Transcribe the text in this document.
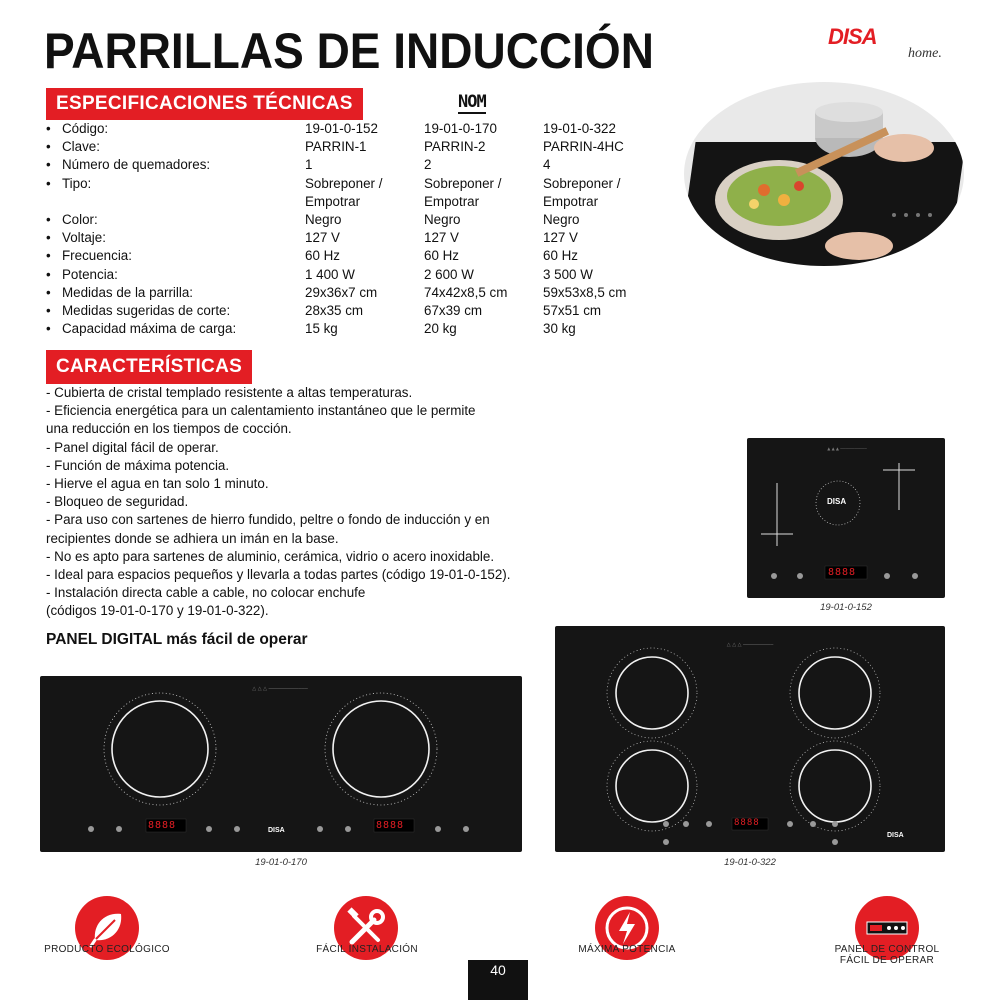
PARRILLAS DE INDUCCIÓN	DISA
home.
ESPECIFICACIONES TÉCNICAS	NOM
•	Código:	19-01-0-152	19-01-0-170	19-01-0-322
•	Clave:	PARRIN-1	PARRIN-2	PARRIN-4HC
•	Número de quemadores:	1	2	4
•	Tipo:	Sobreponer /	Sobreponer /	Sobreponer /
		Empotrar	Empotrar	Empotrar
•	Color:	Negro	Negro	Negro
•	Voltaje:	127 V	127 V	127 V
•	Frecuencia:	60 Hz	60 Hz	60 Hz
•	Potencia:	1 400 W	2 600 W	3 500 W
•	Medidas de la parrilla:	29x36x7 cm	74x42x8,5 cm	59x53x8,5 cm
•	Medidas sugeridas de corte:	28x35 cm	67x39 cm	57x51 cm
•	Capacidad máxima de carga:	15 kg	20 kg	30 kg
CARACTERÍSTICAS
- Cubierta de cristal templado resistente a altas temperaturas.
- Eficiencia energética para un calentamiento instantáneo que le permite
una reducción en los tiempos de cocción.
- Panel digital fácil de operar.
- Función de máxima potencia.
- Hierve el agua en tan solo 1 minuto.
- Bloqueo de seguridad.
- Para uso con sartenes de hierro fundido, peltre o fondo de inducción y en
recipientes donde se adhiera un imán en la base.
- No es apto para sartenes de aluminio, cerámica, vidrio o acero inoxidable.
- Ideal para espacios pequeños y llevarla a todas partes (código 19-01-0-152).
- Instalación directa cable a cable, no colocar enchufe
(códigos 19-01-0-170 y 19-01-0-322).
PANEL DIGITAL más fácil de operar
▲ ▲ ▲ ───────────
DISA
8888
19-01-0-152
△ △ △ ─────────────
DISA
8888	8888
19-01-0-170
△ △ △ ──────────
DISA
8888
19-01-0-322
PRODUCTO ECOLÓGICO	FÁCIL INSTALACIÓN	MÁXIMA POTENCIA	PANEL DE CONTROL
FÁCIL DE OPERAR
40
